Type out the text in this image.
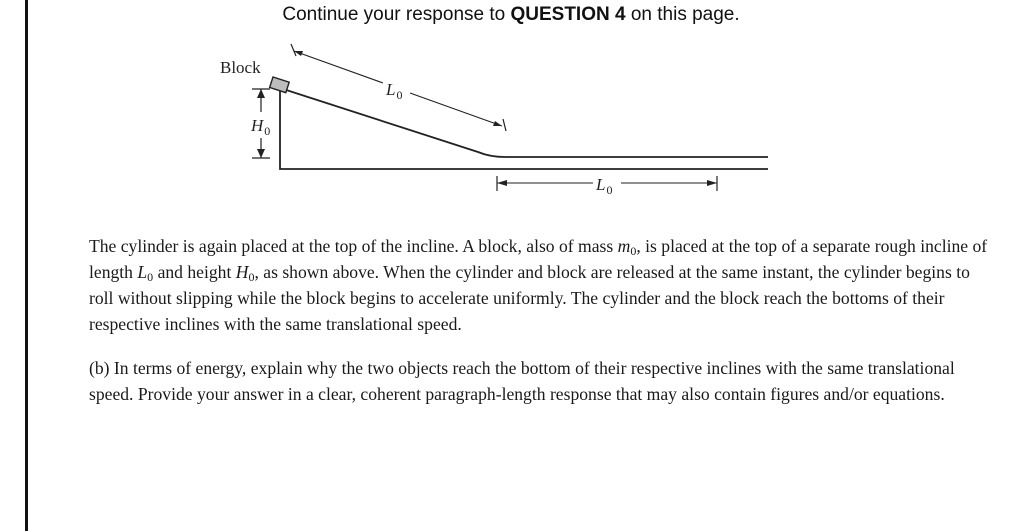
Continue your response to QUESTION 4 on this page.
Block
$H_0$
$L_0$
$L_0$

The cylinder is again placed at the top of the incline. A block, also of mass $m_0$, is placed at the top of a separate rough incline of length $L_0$ and height $H_0$, as shown above. When the cylinder and block are released at the same instant, the cylinder begins to roll without slipping while the block begins to accelerate uniformly. The cylinder and the block reach the bottoms of their respective inclines with the same translational speed.

(b) In terms of energy, explain why the two objects reach the bottom of their respective inclines with the same translational speed. Provide your answer in a clear, coherent paragraph-length response that may also contain figures and/or equations.
